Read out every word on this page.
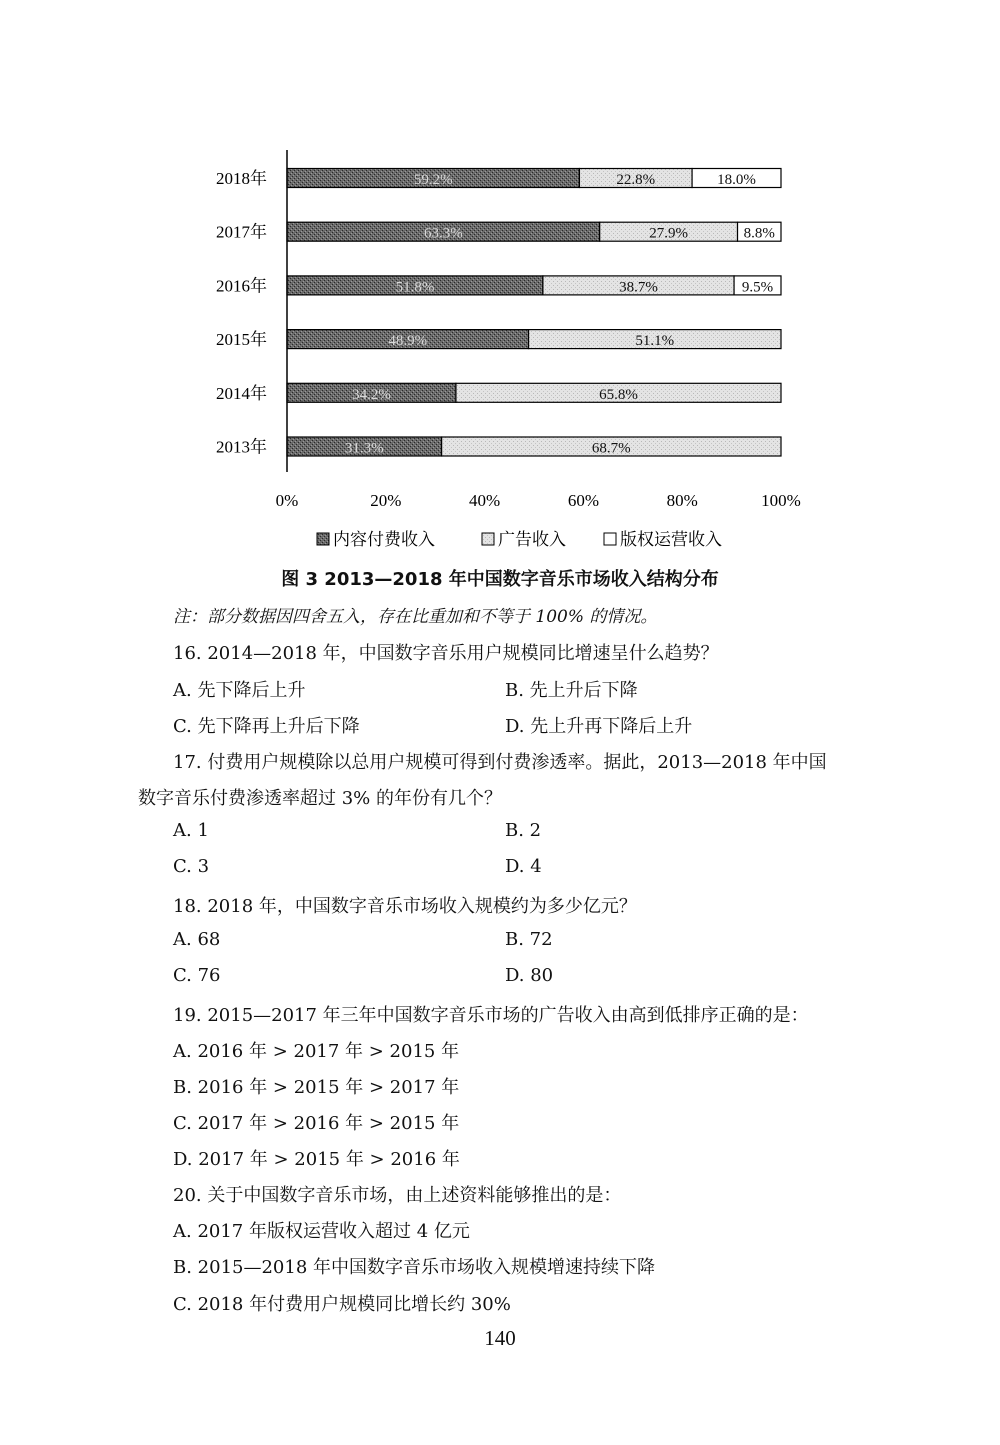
2018年	59.2%	22.8%	18.0%
2017年	63.3%	27.9%	8.8%
2016年	51.8%	38.7%	9.5%
2015年	48.9%	51.1%
2014年	34.2%	65.8%
2013年	31.3%	68.7%
内容付费收入	广告收入	版权运营收入
0%	20%	40%	60%	80%	100%
图 3 2013—2018 年中国数字音乐市场收入结构分布
注：部分数据因四舍五入，存在比重加和不等于 100% 的情况。
16. 2014—2018 年，中国数字音乐用户规模同比增速呈什么趋势？
A. 先下降后上升	B. 先上升后下降
C. 先下降再上升后下降	D. 先上升再下降后上升
17. 付费用户规模除以总用户规模可得到付费渗透率。据此，2013—2018 年中国
数字音乐付费渗透率超过 3% 的年份有几个？
A. 1	B. 2
C. 3	D. 4
18. 2018 年，中国数字音乐市场收入规模约为多少亿元？
A. 68	B. 72
C. 76	D. 80
19. 2015—2017 年三年中国数字音乐市场的广告收入由高到低排序正确的是：
A. 2016 年 > 2017 年 > 2015 年
B. 2016 年 > 2015 年 > 2017 年
C. 2017 年 > 2016 年 > 2015 年
D. 2017 年 > 2015 年 > 2016 年
20. 关于中国数字音乐市场，由上述资料能够推出的是：
A. 2017 年版权运营收入超过 4 亿元
B. 2015—2018 年中国数字音乐市场收入规模增速持续下降
C. 2018 年付费用户规模同比增长约 30%
140
